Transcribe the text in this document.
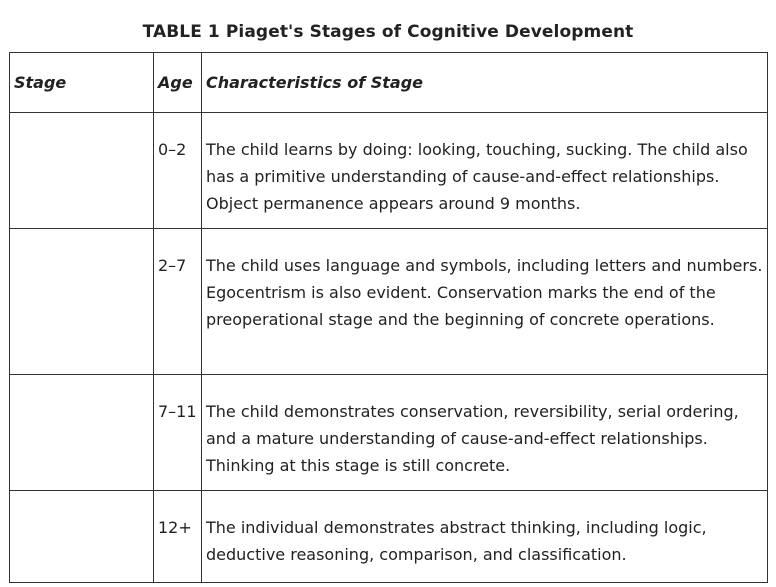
TABLE 1 Piaget's Stages of Cognitive Development
Stage	Age	Characteristics of Stage
	0–2	The child learns by doing: looking, touching, sucking. The child also has a primitive understanding of cause-and-effect relationships. Object permanence appears around 9 months.
	2–7	The child uses language and symbols, including letters and numbers. Egocentrism is also evident. Conservation marks the end of the preoperational stage and the beginning of concrete operations.
	7–11	The child demonstrates conservation, reversibility, serial ordering, and a mature understanding of cause-and-effect relationships. Thinking at this stage is still concrete.
	12+	The individual demonstrates abstract thinking, including logic, deductive reasoning, comparison, and classification.
